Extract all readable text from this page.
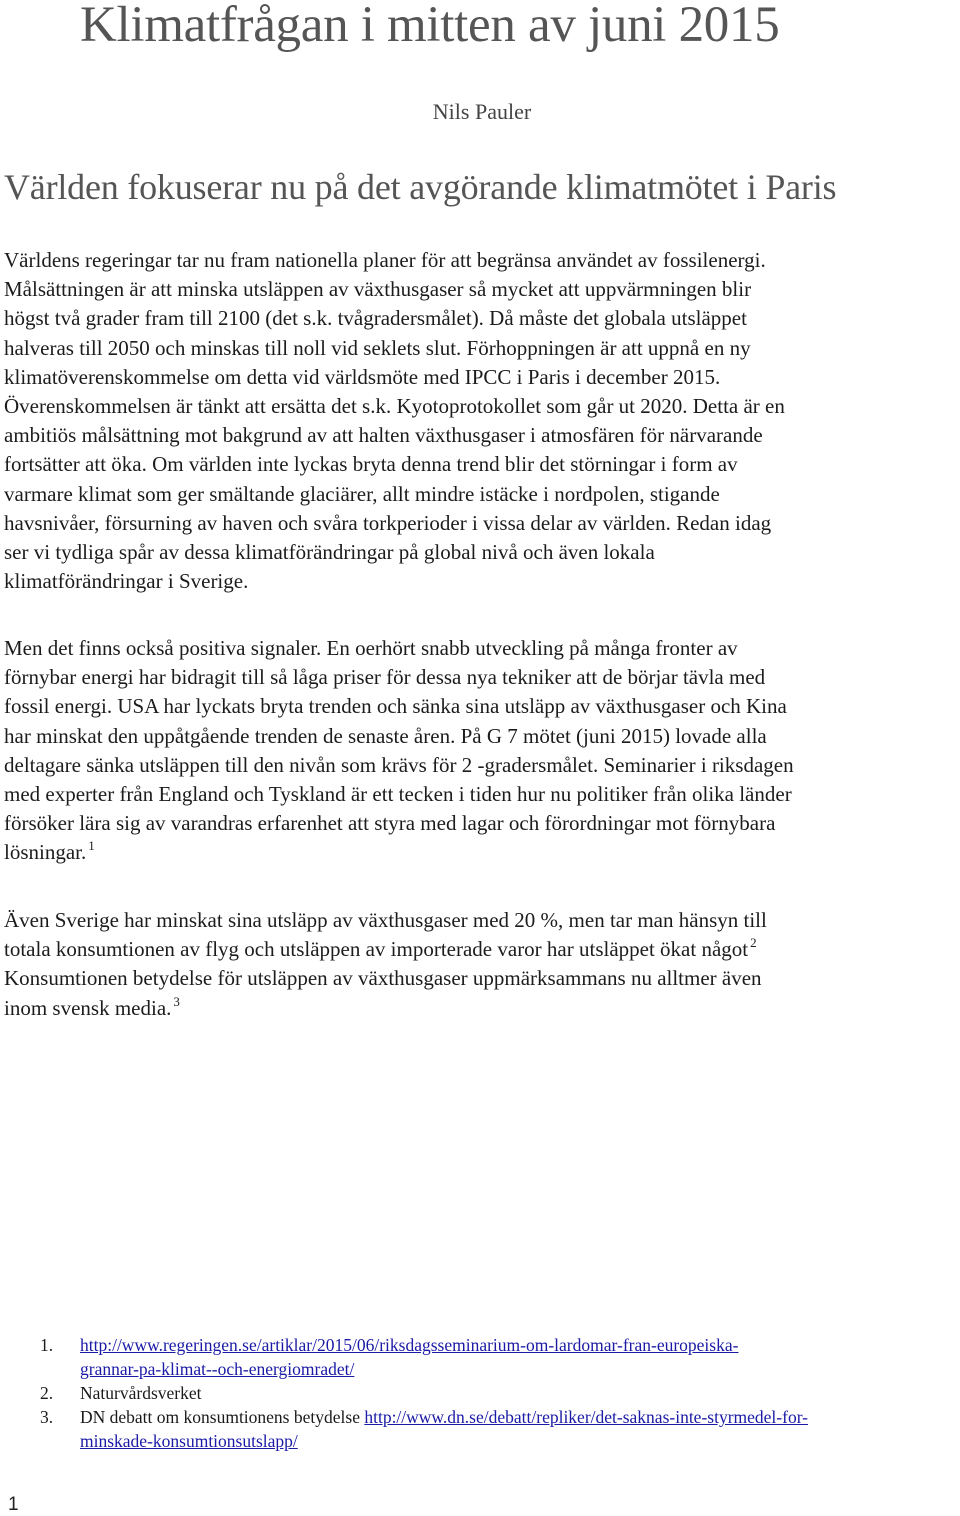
Klimatfrågan i mitten av juni 2015
Nils Pauler
Världen fokuserar nu på det avgörande klimatmötet i Paris
Världens regeringar tar nu fram nationella planer för att begränsa användet av fossilenergi.
Målsättningen är att minska utsläppen av växthusgaser så mycket att uppvärmningen blir
högst två grader fram till 2100 (det s.k. tvågradersmålet). Då måste det globala utsläppet
halveras till 2050 och minskas till noll vid seklets slut. Förhoppningen är att uppnå en ny
klimatöverenskommelse om detta vid världsmöte med IPCC i Paris i december 2015.
Överenskommelsen är tänkt att ersätta det s.k. Kyotoprotokollet som går ut 2020. Detta är en
ambitiös målsättning mot bakgrund av att halten växthusgaser i atmosfären för närvarande
fortsätter att öka. Om världen inte lyckas bryta denna trend blir det störningar i form av
varmare klimat som ger smältande glaciärer, allt mindre istäcke i nordpolen, stigande
havsnivåer, försurning av haven och svåra torkperioder i vissa delar av världen. Redan idag
ser vi tydliga spår av dessa klimatförändringar på global nivå och även lokala
klimatförändringar i Sverige.
Men det finns också positiva signaler. En oerhört snabb utveckling på många fronter av
förnybar energi har bidragit till så låga priser för dessa nya tekniker att de börjar tävla med
fossil energi. USA har lyckats bryta trenden och sänka sina utsläpp av växthusgaser och Kina
har minskat den uppåtgående trenden de senaste åren. På G 7 mötet (juni 2015) lovade alla
deltagare sänka utsläppen till den nivån som krävs för 2 -gradersmålet. Seminarier i riksdagen
med experter från England och Tyskland är ett tecken i tiden hur nu politiker från olika länder
försöker lära sig av varandras erfarenhet att styra med lagar och förordningar mot förnybara
lösningar. $^1$
Även Sverige har minskat sina utsläpp av växthusgaser med 20 %, men tar man hänsyn till
totala konsumtionen av flyg och utsläppen av importerade varor har utsläppet ökat något $^2$
Konsumtionen betydelse för utsläppen av växthusgaser uppmärksammans nu alltmer även
inom svensk media. $^3$
1. http://www.regeringen.se/artiklar/2015/06/riksdagsseminarium-om-lardomar-fran-europeiska-
grannar-pa-klimat--och-energiomradet/
2. Naturvårdsverket
3. DN debatt om konsumtionens betydelse http://www.dn.se/debatt/repliker/det-saknas-inte-styrmedel-for-
minskade-konsumtionsutslapp/
1
